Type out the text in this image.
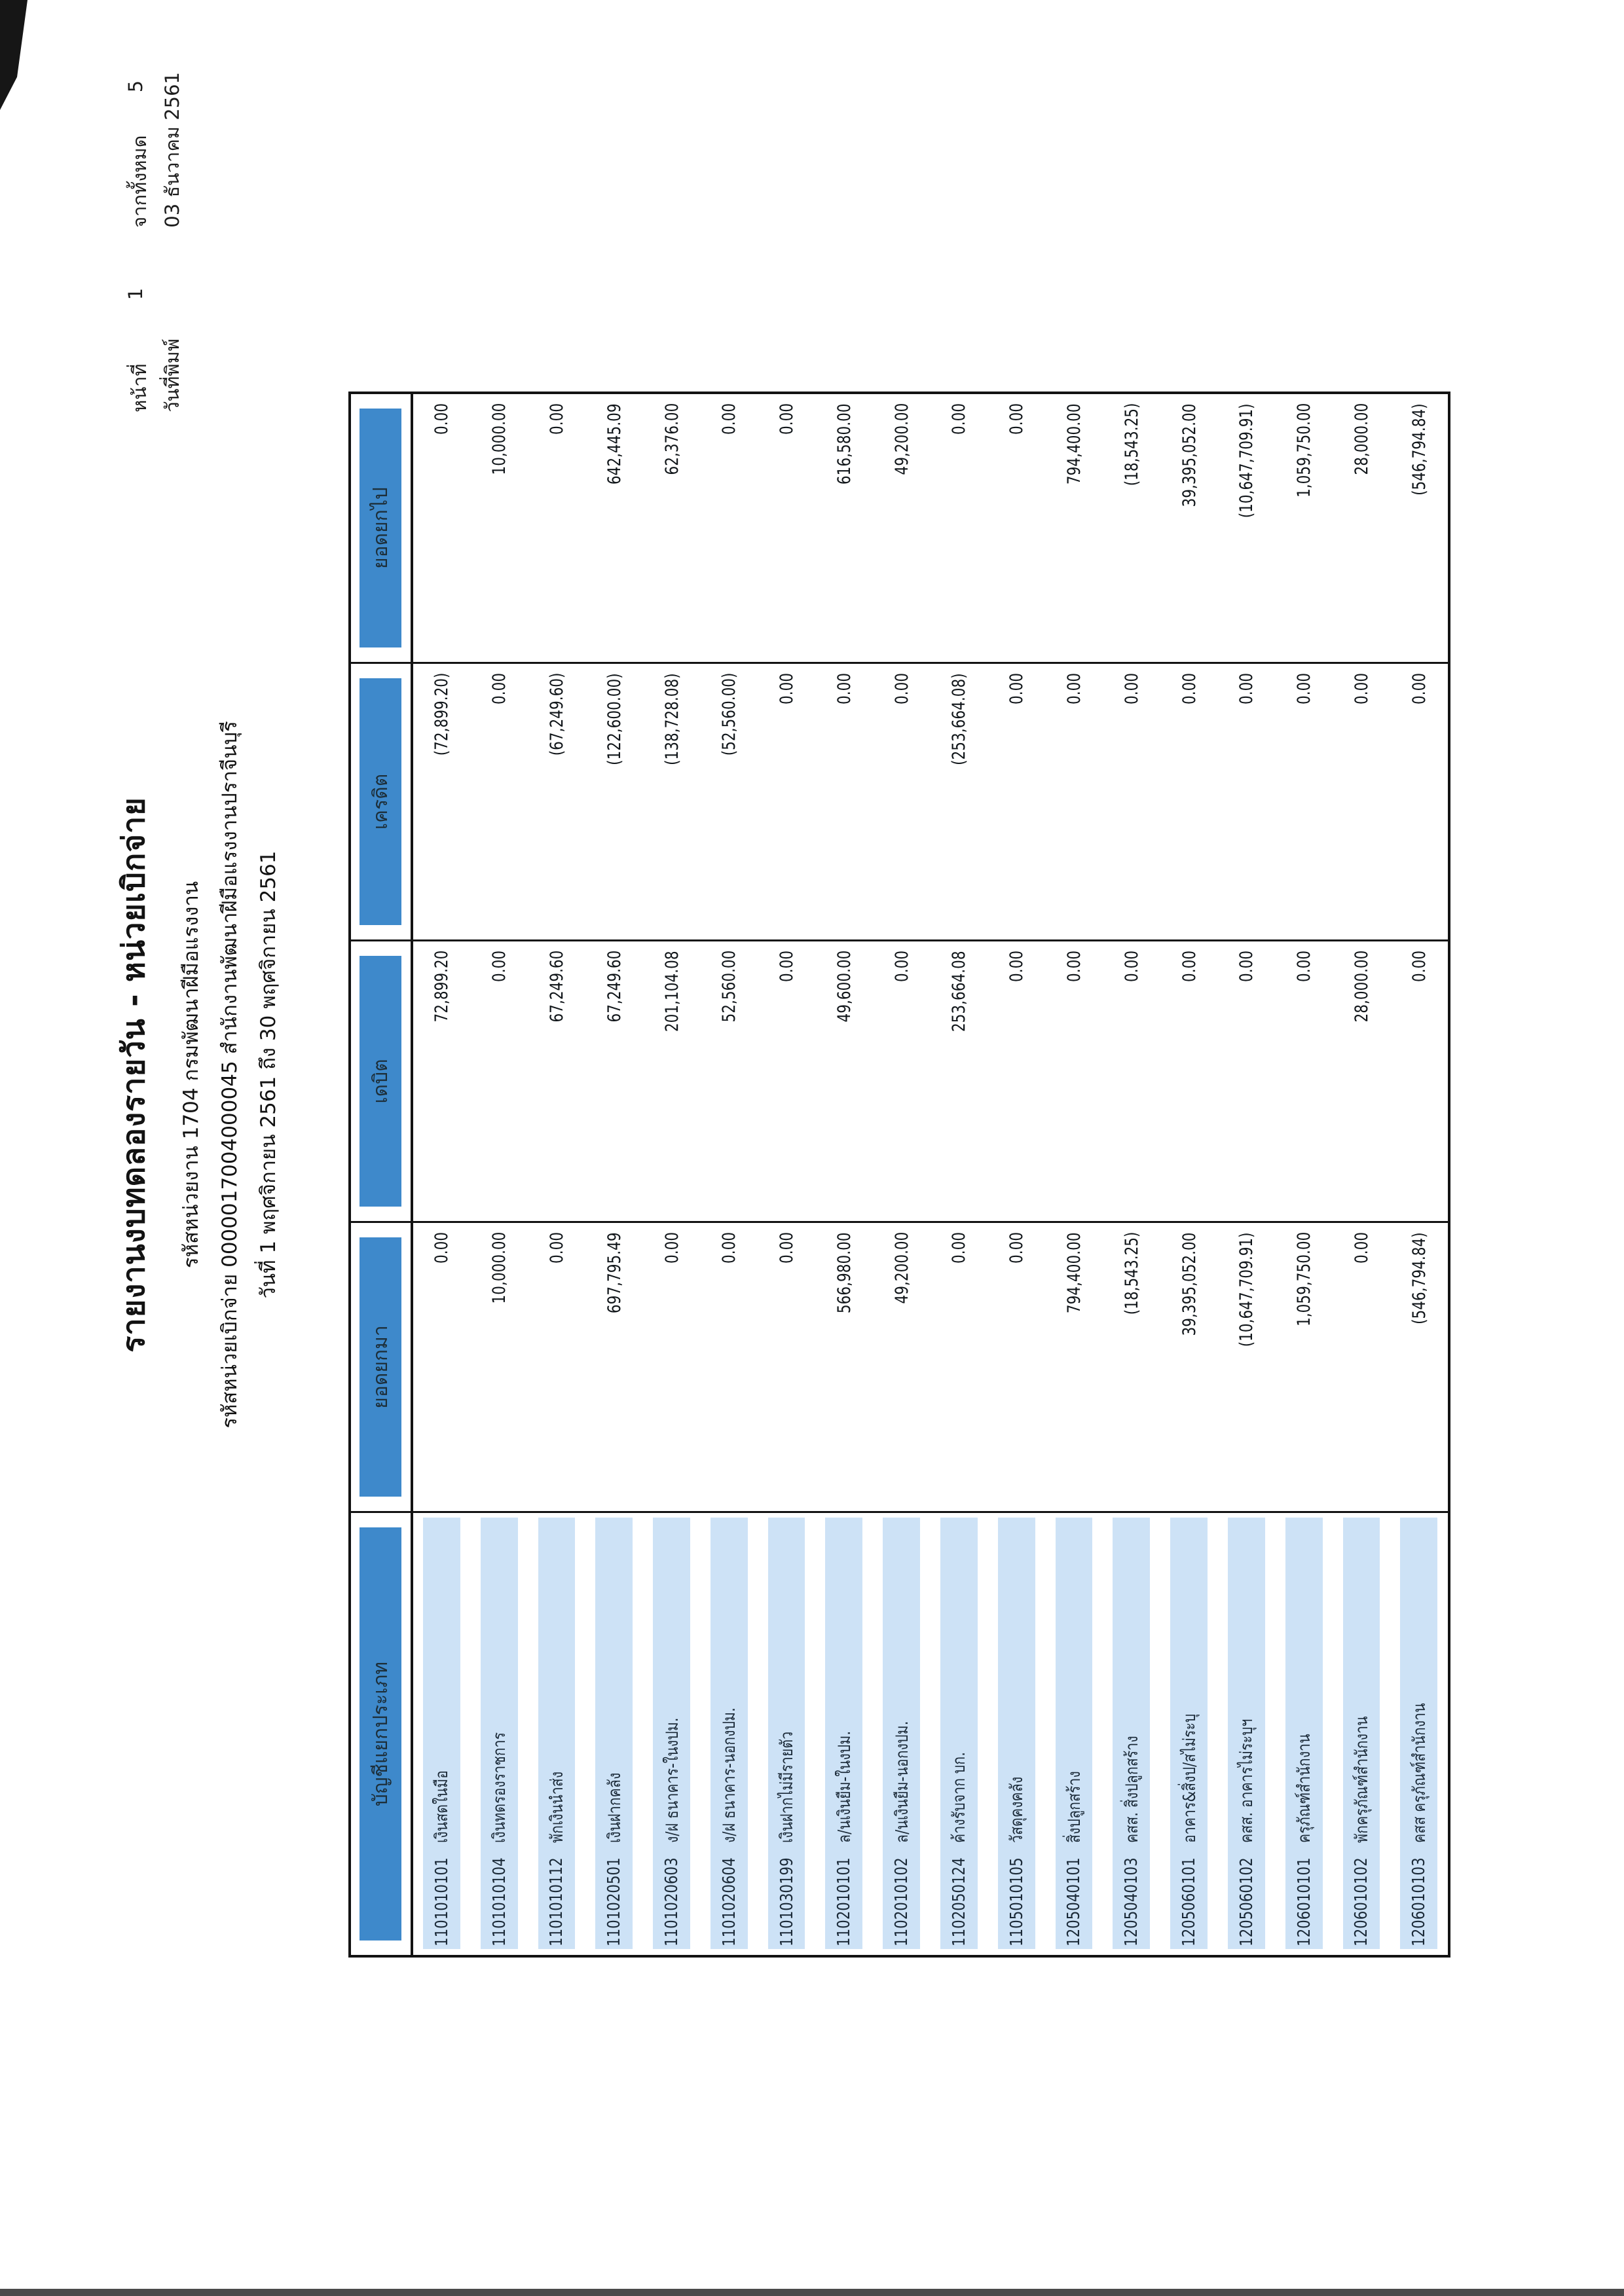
หน้าที่
1
จากทั้งหมด
5
วันที่พิมพ์
03 ธันวาคม 2561
รายงานงบทดลองรายวัน - หน่วยเบิกจ่าย	รหัสหน่วยงาน 1704 กรมพัฒนาฝีมือแรงงาน รหัสหน่วยเบิกจ่าย 0000017004000045 สำนักงานพัฒนาฝีมือแรงงานปราจีนบุรี วันที่ 1 พฤศจิกายน 2561 ถึง 30 พฤศจิกายน 2561
บัญชีแยกประเภท
ยอดยกมา
เดบิต
เครดิต
ยอดยกไป
1101010101
เงินสดในมือ
0.00
72,899.20
(72,899.20)
0.00
1101010104
เงินทดรองราชการ
10,000.00
0.00
0.00
10,000.00
1101010112
พักเงินนำส่ง
0.00
67,249.60
(67,249.60)
0.00
1101020501
เงินฝากคลัง
697,795.49
67,249.60
(122,600.00)
642,445.09
1101020603
ง/ฝ ธนาคาร-ในงปม.
0.00
201,104.08
(138,728.08)
62,376.00
1101020604
ง/ฝ ธนาคาร-นอกงปม.
0.00
52,560.00
(52,560.00)
0.00
1101030199
เงินฝากไม่มีรายตัว
0.00
0.00
0.00
0.00
1102010101
ล/นเงินยืม-ในงปม.
566,980.00
49,600.00
0.00
616,580.00
1102010102
ล/นเงินยืม-นอกงปม.
49,200.00
0.00
0.00
49,200.00
1102050124
ค้างรับจาก บก.
0.00
253,664.08
(253,664.08)
0.00
1105010105
วัสดุคงคลัง
0.00
0.00
0.00
0.00
1205040101
สิ่งปลูกสร้าง
794,400.00
0.00
0.00
794,400.00
1205040103
คสส. สิ่งปลูกสร้าง
(18,543.25)
0.00
0.00
(18,543.25)
1205060101
อาคาร&สิ่งป/สไม่ระบุ
39,395,052.00
0.00
0.00
39,395,052.00
1205060102
คสส. อาคารไม่ระบุฯ
(10,647,709.91)
0.00
0.00
(10,647,709.91)
1206010101
ครุภัณฑ์สำนักงาน
1,059,750.00
0.00
0.00
1,059,750.00
1206010102
พักครุภัณฑ์สำนักงาน
0.00
28,000.00
0.00
28,000.00
1206010103
คสส ครุภัณฑ์สำนักงาน
(546,794.84)
0.00
0.00
(546,794.84)
